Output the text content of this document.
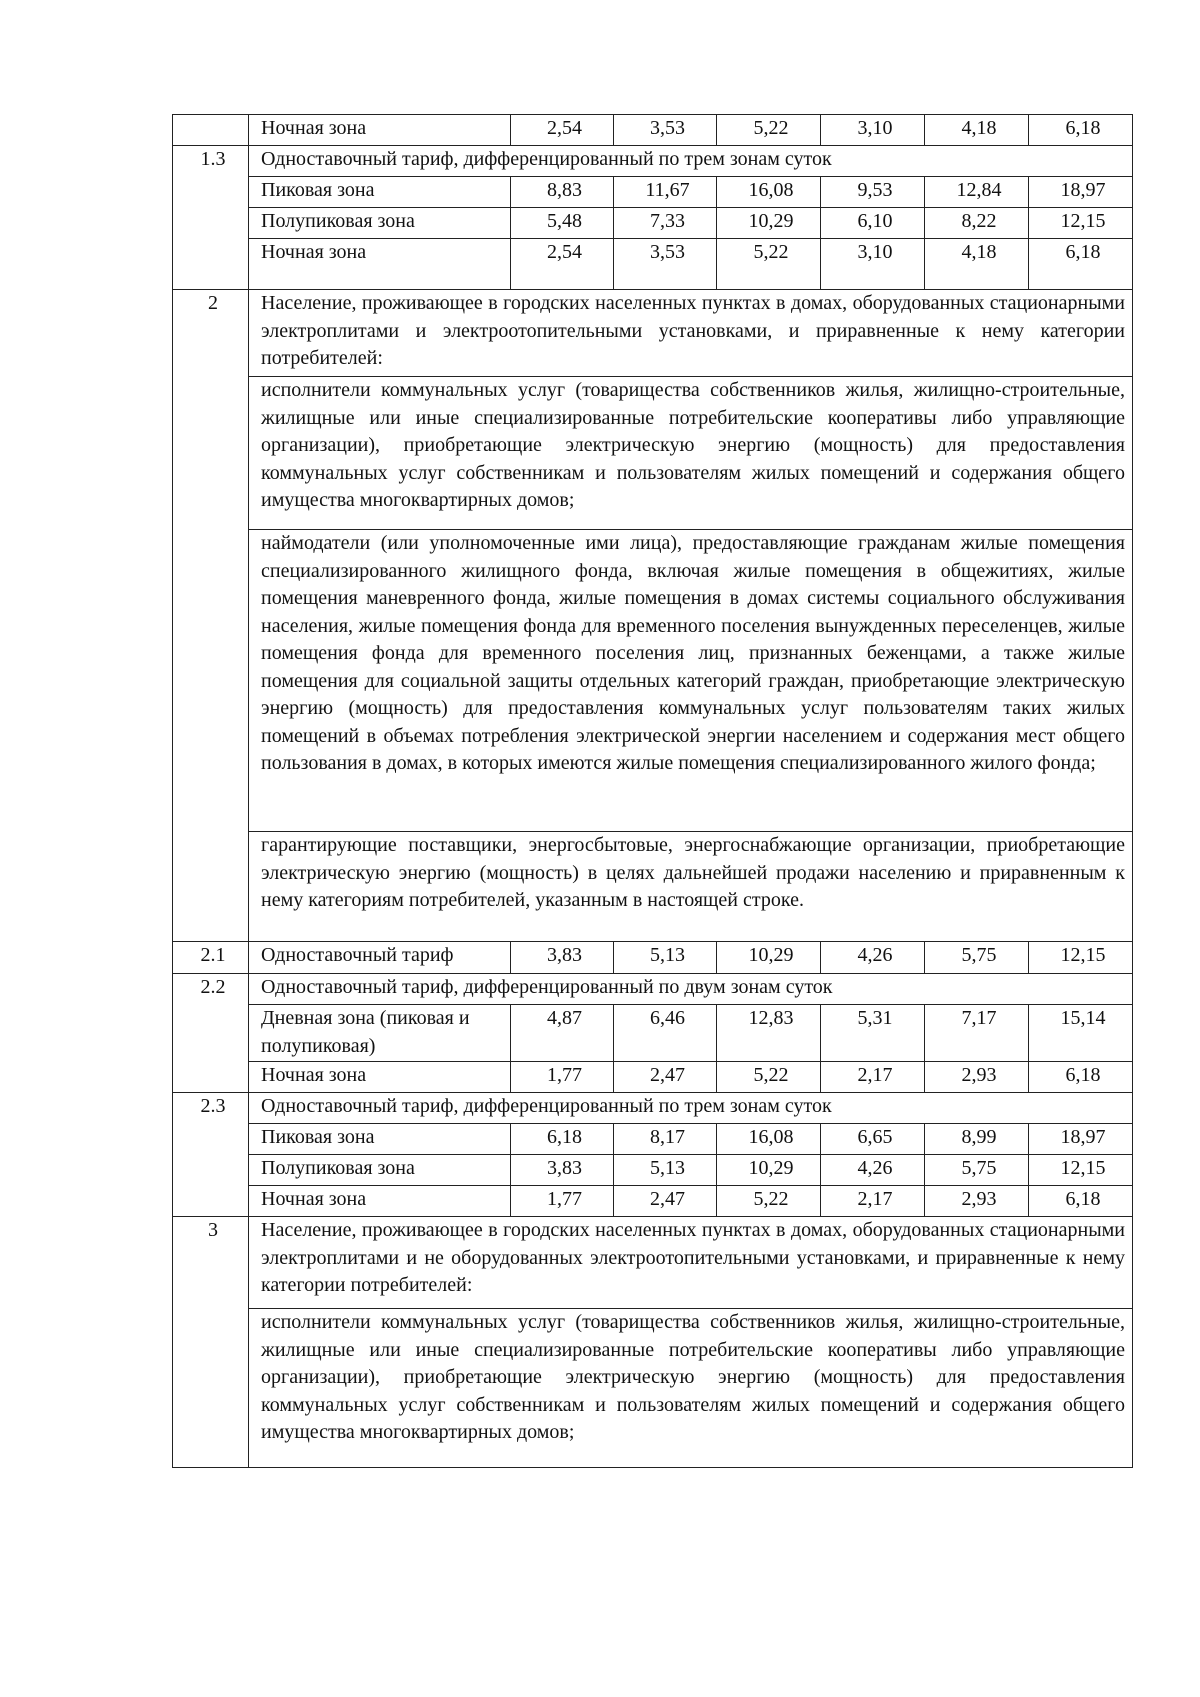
	Ночная зона	2,54	3,53	5,22	3,10	4,18	6,18
1.3	Одноставочный тариф, дифференцированный по трем зонам суток						
	Пиковая зона	8,83	11,67	16,08	9,53	12,84	18,97
	Полупиковая зона	5,48	7,33	10,29	6,10	8,22	12,15
	Ночная зона	2,54	3,53	5,22	3,10	4,18	6,18
2	Население, проживающее в городских населенных пунктах в домах, оборудованных стационарными электроплитами и электроотопительными установками, и приравненные к нему категории потребителей:						
	исполнители коммунальных услуг (товарищества собственников жилья, жилищно-строительные, жилищные или иные специализированные потребительские кооперативы либо управляющие организации), приобретающие электрическую энергию (мощность) для предоставления коммунальных услуг собственникам и пользователям жилых помещений и содержания общего имущества многоквартирных домов;						
	наймодатели (или уполномоченные ими лица), предоставляющие гражданам жилые помещения специализированного жилищного фонда, включая жилые помещения в общежитиях, жилые помещения маневренного фонда, жилые помещения в домах системы социального обслуживания населения, жилые помещения фонда для временного поселения вынужденных переселенцев, жилые помещения фонда для временного поселения лиц, признанных беженцами, а также жилые помещения для социальной защиты отдельных категорий граждан, приобретающие электрическую энергию (мощность) для предоставления коммунальных услуг пользователям таких жилых помещений в объемах потребления электрической энергии населением и содержания мест общего пользования в домах, в которых имеются жилые помещения специализированного жилого фонда;						
	гарантирующие поставщики, энергосбытовые, энергоснабжающие организации, приобретающие электрическую энергию (мощность) в целях дальнейшей продажи населению и приравненным к нему категориям потребителей, указанным в настоящей строке.						
2.1	Одноставочный тариф	3,83	5,13	10,29	4,26	5,75	12,15
2.2	Одноставочный тариф, дифференцированный по двум зонам суток						
	Дневная зона (пиковая и полупиковая)	4,87	6,46	12,83	5,31	7,17	15,14
	Ночная зона	1,77	2,47	5,22	2,17	2,93	6,18
2.3	Одноставочный тариф, дифференцированный по трем зонам суток						
	Пиковая зона	6,18	8,17	16,08	6,65	8,99	18,97
	Полупиковая зона	3,83	5,13	10,29	4,26	5,75	12,15
	Ночная зона	1,77	2,47	5,22	2,17	2,93	6,18
3	Население, проживающее в городских населенных пунктах в домах, оборудованных стационарными электроплитами и не оборудованных электроотопительными установками, и приравненные к нему категории потребителей:						
	исполнители коммунальных услуг (товарищества собственников жилья, жилищно-строительные, жилищные или иные специализированные потребительские кооперативы либо управляющие организации), приобретающие электрическую энергию (мощность) для предоставления коммунальных услуг собственникам и пользователям жилых помещений и содержания общего имущества многоквартирных домов;						
